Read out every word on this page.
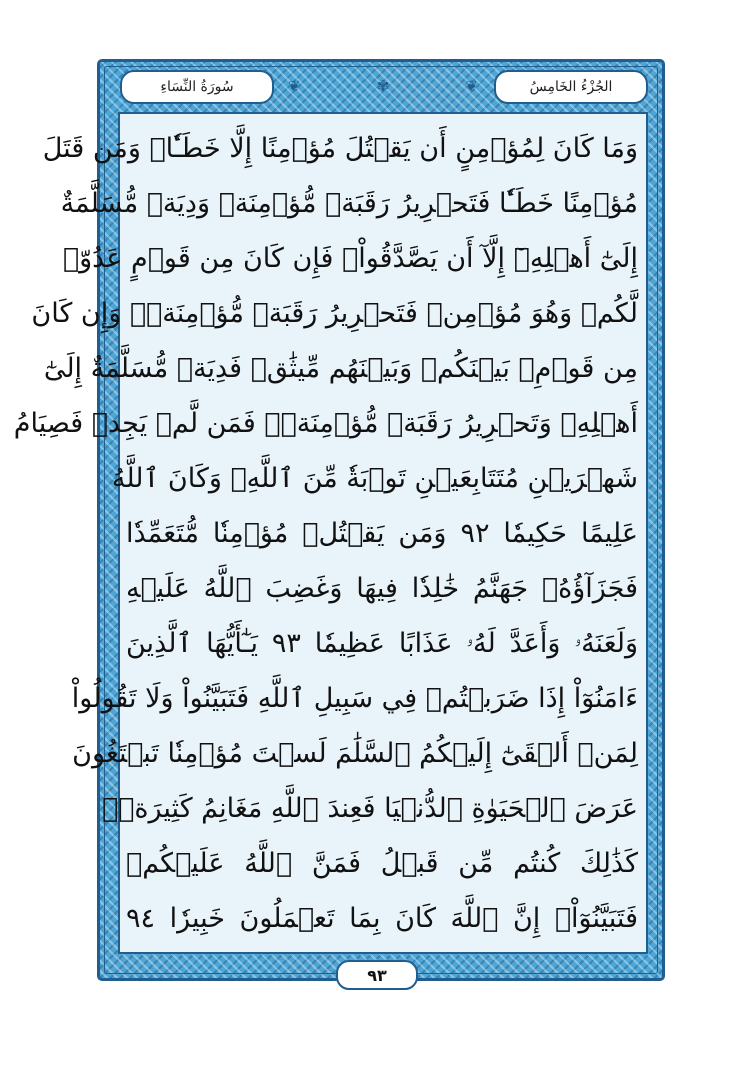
الجُزْءُ الخَامِسُ
❦	✾	❦
سُورَةُ النِّسَاءِ
وَمَا كَانَ لِمُؤۡمِنٍ أَن يَقۡتُلَ مُؤۡمِنًا إِلَّا خَطَـٔٗاۚ وَمَن قَتَلَ
مُؤۡمِنًا خَطَـٔٗا فَتَحۡرِيرُ رَقَبَةٖ مُّؤۡمِنَةٖ وَدِيَةٞ مُّسَلَّمَةٌ
إِلَىٰٓ أَهۡلِهِۦٓ إِلَّآ أَن يَصَّدَّقُواْۚ فَإِن كَانَ مِن قَوۡمٍ عَدُوّٖ
لَّكُمۡ وَهُوَ مُؤۡمِنٞ فَتَحۡرِيرُ رَقَبَةٖ مُّؤۡمِنَةٖۖ وَإِن كَانَ
مِن قَوۡمِۭ بَيۡنَكُمۡ وَبَيۡنَهُم مِّيثَٰقٞ فَدِيَةٞ مُّسَلَّمَةٌ إِلَىٰٓ
أَهۡلِهِۦ وَتَحۡرِيرُ رَقَبَةٖ مُّؤۡمِنَةٖۖ فَمَن لَّمۡ يَجِدۡ فَصِيَامُ
شَهۡرَيۡنِ مُتَتَابِعَيۡنِ تَوۡبَةٗ مِّنَ ٱللَّهِۗ وَكَانَ ٱللَّهُ
عَلِيمًا حَكِيمٗا ٩٢ وَمَن يَقۡتُلۡ مُؤۡمِنٗا مُّتَعَمِّدٗا
فَجَزَآؤُهُۥ جَهَنَّمُ خَٰلِدٗا فِيهَا وَغَضِبَ ٱللَّهُ عَلَيۡهِ
وَلَعَنَهُۥ وَأَعَدَّ لَهُۥ عَذَابًا عَظِيمٗا ٩٣ يَـٰٓأَيُّهَا ٱلَّذِينَ
ءَامَنُوٓاْ إِذَا ضَرَبۡتُمۡ فِي سَبِيلِ ٱللَّهِ فَتَبَيَّنُواْ وَلَا تَقُولُواْ
لِمَنۡ أَلۡقَىٰٓ إِلَيۡكُمُ ٱلسَّلَٰمَ لَسۡتَ مُؤۡمِنٗا تَبۡتَغُونَ
عَرَضَ ٱلۡحَيَوٰةِ ٱلدُّنۡيَا فَعِندَ ٱللَّهِ مَغَانِمُ كَثِيرَةٞۚ
كَذَٰلِكَ كُنتُم مِّن قَبۡلُ فَمَنَّ ٱللَّهُ عَلَيۡكُمۡ
فَتَبَيَّنُوٓاْۚ إِنَّ ٱللَّهَ كَانَ بِمَا تَعۡمَلُونَ خَبِيرٗا ٩٤
٩٣
